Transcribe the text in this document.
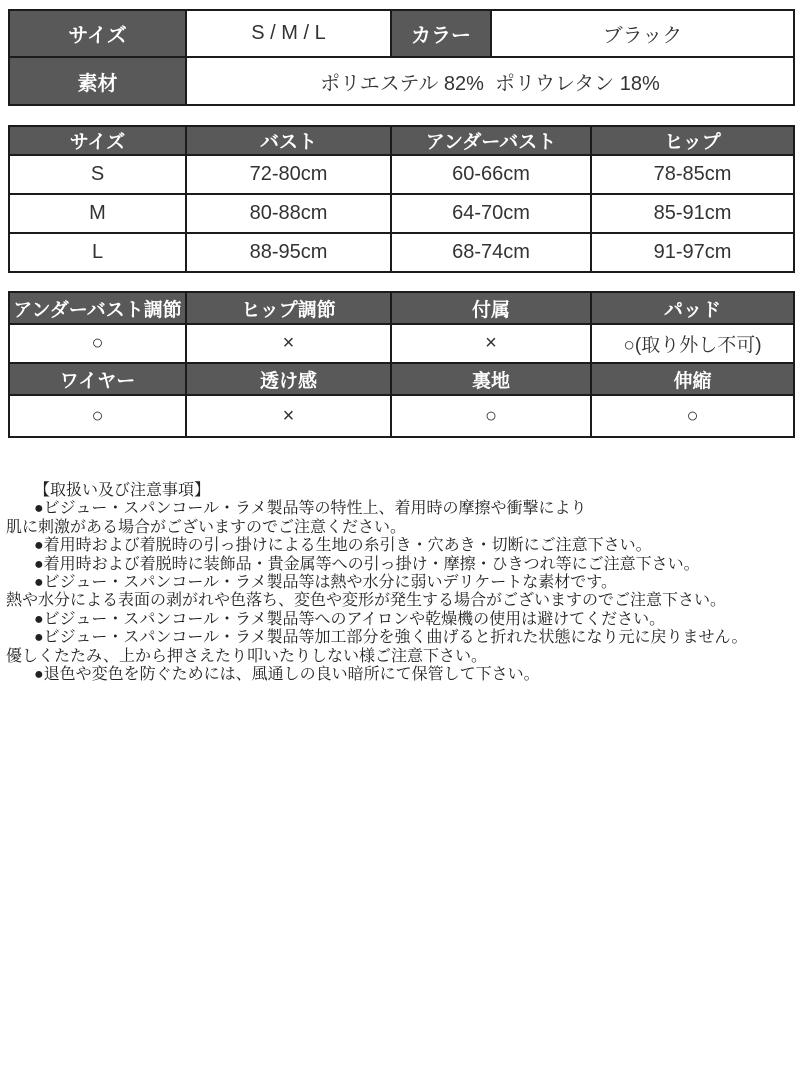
サイズ	S / M / L	カラー	ブラック
素材	ポリエステル 82%  ポリウレタン 18%		
サイズ	バスト	アンダーバスト	ヒップ
S	72-80cm	60-66cm	78-85cm
M	80-88cm	64-70cm	85-91cm
L	88-95cm	68-74cm	91-97cm
アンダーバスト調節	ヒップ調節	付属	パッド
○	×	×	○(取り外し不可)
ワイヤー	透け感	裏地	伸縮
○	×	○	○
【取扱い及び注意事項】
●ビジュー・スパンコール・ラメ製品等の特性上、着用時の摩擦や衝撃により
肌に刺激がある場合がございますのでご注意ください。
●着用時および着脱時の引っ掛けによる生地の糸引き・穴あき・切断にご注意下さい。
●着用時および着脱時に装飾品・貴金属等への引っ掛け・摩擦・ひきつれ等にご注意下さい。
●ビジュー・スパンコール・ラメ製品等は熱や水分に弱いデリケートな素材です。
熱や水分による表面の剥がれや色落ち、変色や変形が発生する場合がございますのでご注意下さい。
●ビジュー・スパンコール・ラメ製品等へのアイロンや乾燥機の使用は避けてください。
●ビジュー・スパンコール・ラメ製品等加工部分を強く曲げると折れた状態になり元に戻りません。
優しくたたみ、上から押さえたり叩いたりしない様ご注意下さい。
●退色や変色を防ぐためには、風通しの良い暗所にて保管して下さい。
